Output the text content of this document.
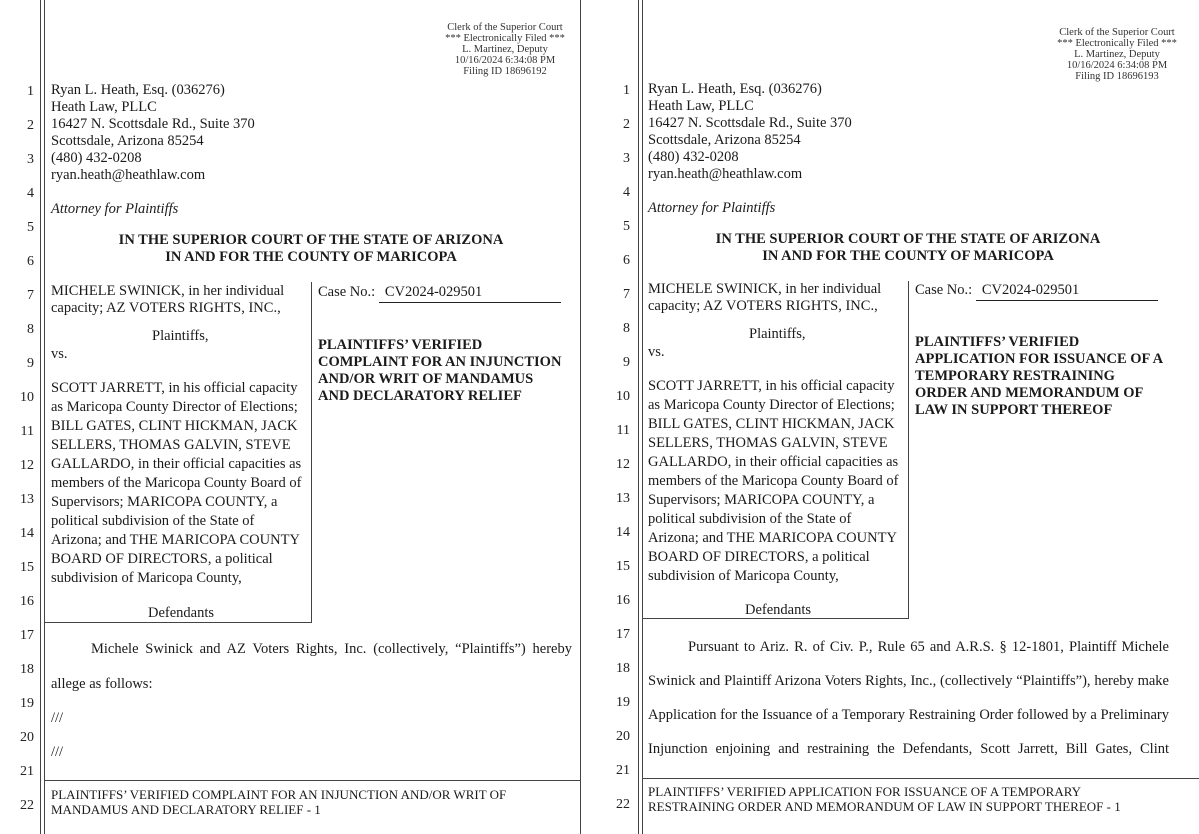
Clerk of the Superior Court
*** Electronically Filed ***
L. Martinez, Deputy
10/16/2024 6:34:08 PM
Filing ID 18696192
1
2
3
4
5
6
7
8
9
10
11
12
13
14
15
16
17
18
19
20
21
22
Ryan L. Heath, Esq. (036276)
Heath Law, PLLC
16427 N. Scottsdale Rd., Suite 370
Scottsdale, Arizona 85254
(480) 432-0208
ryan.heath@heathlaw.com
Attorney for Plaintiffs
IN THE SUPERIOR COURT OF THE STATE OF ARIZONA
IN AND FOR THE COUNTY OF MARICOPA
MICHELE SWINICK, in her individual
capacity; AZ VOTERS RIGHTS, INC.,
Plaintiffs,
vs.
SCOTT JARRETT, in his official capacity
as Maricopa County Director of Elections;
BILL GATES, CLINT HICKMAN, JACK
SELLERS, THOMAS GALVIN, STEVE
GALLARDO, in their official capacities as
members of the Maricopa County Board of
Supervisors; MARICOPA COUNTY, a
political subdivision of the State of
Arizona; and THE MARICOPA COUNTY
BOARD OF DIRECTORS, a political
subdivision of Maricopa County,
Defendants
Case No.: CV2024-029501
PLAINTIFFS’ VERIFIED
COMPLAINT FOR AN INJUNCTION
AND/OR WRIT OF MANDAMUS
AND DECLARATORY RELIEF
Michele Swinick and AZ Voters Rights, Inc. (collectively, “Plaintiffs”) hereby
allege as follows:
///
///
PLAINTIFFS’ VERIFIED COMPLAINT FOR AN INJUNCTION AND/OR WRIT OF
MANDAMUS AND DECLARATORY RELIEF - 1
Clerk of the Superior Court
*** Electronically Filed ***
L. Martinez, Deputy
10/16/2024 6:34:08 PM
Filing ID 18696193
1
2
3
4
5
6
7
8
9
10
11
12
13
14
15
16
17
18
19
20
21
22
Ryan L. Heath, Esq. (036276)
Heath Law, PLLC
16427 N. Scottsdale Rd., Suite 370
Scottsdale, Arizona 85254
(480) 432-0208
ryan.heath@heathlaw.com
Attorney for Plaintiffs
IN THE SUPERIOR COURT OF THE STATE OF ARIZONA
IN AND FOR THE COUNTY OF MARICOPA
MICHELE SWINICK, in her individual
capacity; AZ VOTERS RIGHTS, INC.,
Plaintiffs,
vs.
SCOTT JARRETT, in his official capacity
as Maricopa County Director of Elections;
BILL GATES, CLINT HICKMAN, JACK
SELLERS, THOMAS GALVIN, STEVE
GALLARDO, in their official capacities as
members of the Maricopa County Board of
Supervisors; MARICOPA COUNTY, a
political subdivision of the State of
Arizona; and THE MARICOPA COUNTY
BOARD OF DIRECTORS, a political
subdivision of Maricopa County,
Defendants
Case No.: CV2024-029501
PLAINTIFFS’ VERIFIED
APPLICATION FOR ISSUANCE OF A
TEMPORARY RESTRAINING
ORDER AND MEMORANDUM OF
LAW IN SUPPORT THEREOF
Pursuant to Ariz. R. of Civ. P., Rule 65 and A.R.S. § 12-1801, Plaintiff Michele
Swinick and Plaintiff Arizona Voters Rights, Inc., (collectively “Plaintiffs”), hereby make
Application for the Issuance of a Temporary Restraining Order followed by a Preliminary
Injunction enjoining and restraining the Defendants, Scott Jarrett, Bill Gates, Clint
PLAINTIFFS’ VERIFIED APPLICATION FOR ISSUANCE OF A TEMPORARY
RESTRAINING ORDER AND MEMORANDUM OF LAW IN SUPPORT THEREOF - 1
